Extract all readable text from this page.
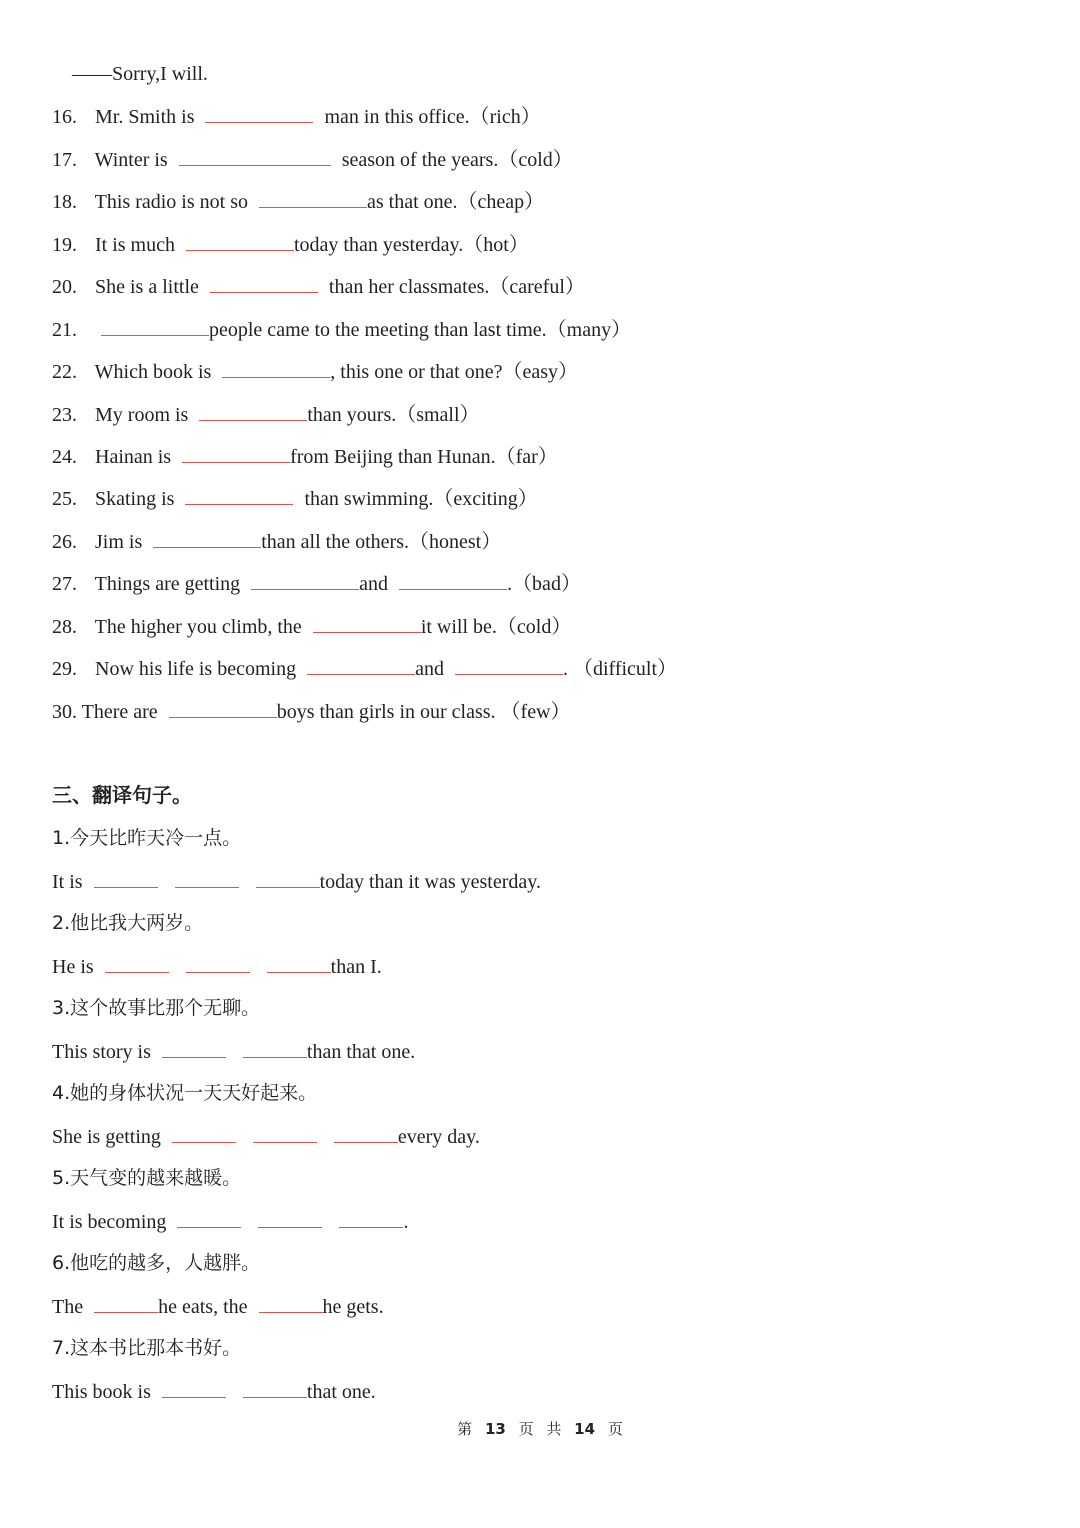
——Sorry,I will.
16. Mr. Smith is	man in this office.（rich）
17. Winter is	season of the years.（cold）
18. This radio is not so	as that one.（cheap）
19. It is much	today than yesterday.（hot）
20. She is a little	than her classmates.（careful）
21.	people came to the meeting than last time.（many）
22. Which book is	, this one or that one?（easy）
23. My room is	than yours.（small）
24. Hainan is	from Beijing than Hunan.（far）
25. Skating is	than swimming.（exciting）
26. Jim is	than all the others.（honest）
27. Things are getting	and	.（bad）
28. The higher you climb, the	it will be.（cold）
29. Now his life is becoming	and	. （difficult）
30. There are	boys than girls in our class. （few）
三、翻译句子。
1.今天比昨天冷一点。
It is	today than it was yesterday.
2.他比我大两岁。
He is	than I.
3.这个故事比那个无聊。
This story is	than that one.
4.她的身体状况一天天好起来。
She is getting	every day.
5.天气变的越来越暖。
It is becoming	.
6.他吃的越多，人越胖。
The	he eats, the	he gets.
7.这本书比那本书好。
This book is	that one.
第 13 页 共 14 页
